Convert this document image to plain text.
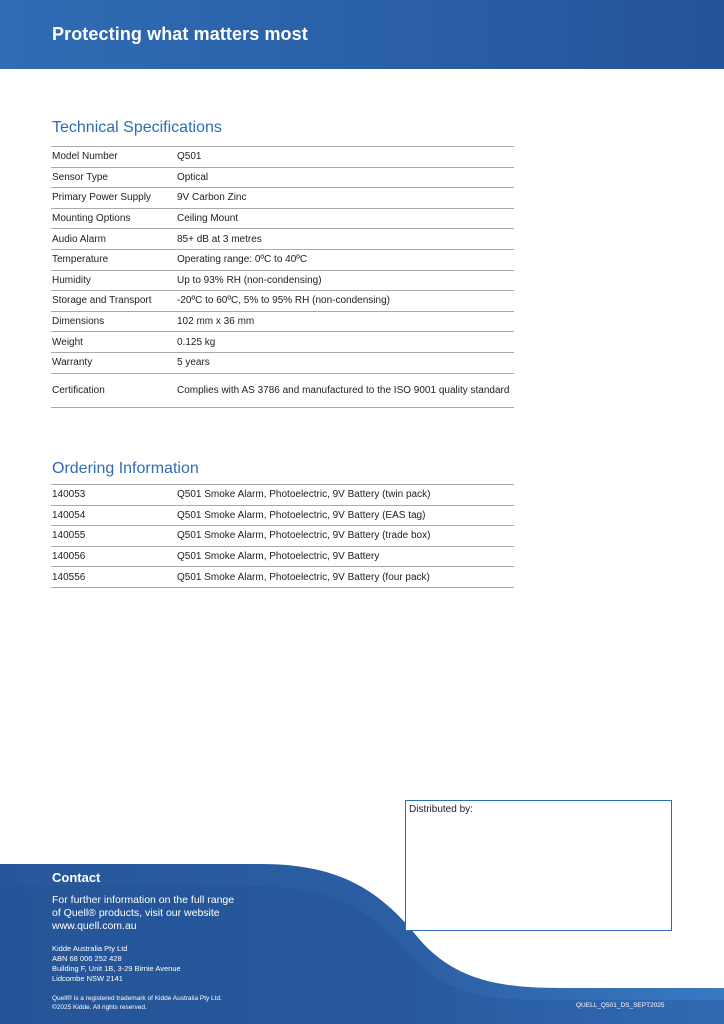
Protecting what matters most
Technical Specifications
Model Number	Q501
Sensor Type	Optical
Primary Power Supply	9V Carbon Zinc
Mounting Options	Ceiling Mount
Audio Alarm	85+ dB at 3 metres
Temperature	Operating range: 0ºC to 40ºC
Humidity	Up to 93% RH (non-condensing)
Storage and Transport	-20ºC to 60ºC, 5% to 95% RH (non-condensing)
Dimensions	102 mm x 36 mm
Weight	0.125 kg
Warranty	5 years
Certification	Complies with AS 3786 and manufactured to the ISO 9001 quality standard
Ordering Information
140053	Q501 Smoke Alarm, Photoelectric, 9V Battery (twin pack)
140054	Q501 Smoke Alarm, Photoelectric, 9V Battery (EAS tag)
140055	Q501 Smoke Alarm, Photoelectric, 9V Battery (trade box)
140056	Q501 Smoke Alarm, Photoelectric, 9V Battery
140556	Q501 Smoke Alarm, Photoelectric, 9V Battery (four pack)
Contact
For further information on the full range
of Quell® products, visit our website
www.quell.com.au
Kidde Australia Pty Ltd
ABN 68 006 252 428
Building F, Unit 1B, 3-29 Birnie Avenue
Lidcombe NSW 2141
Quell® is a registered trademark of Kidde Australia Pty Ltd.
©2025 Kidde. All rights reserved.	QUELL_Q501_DS_SEPT2025
Distributed by:
